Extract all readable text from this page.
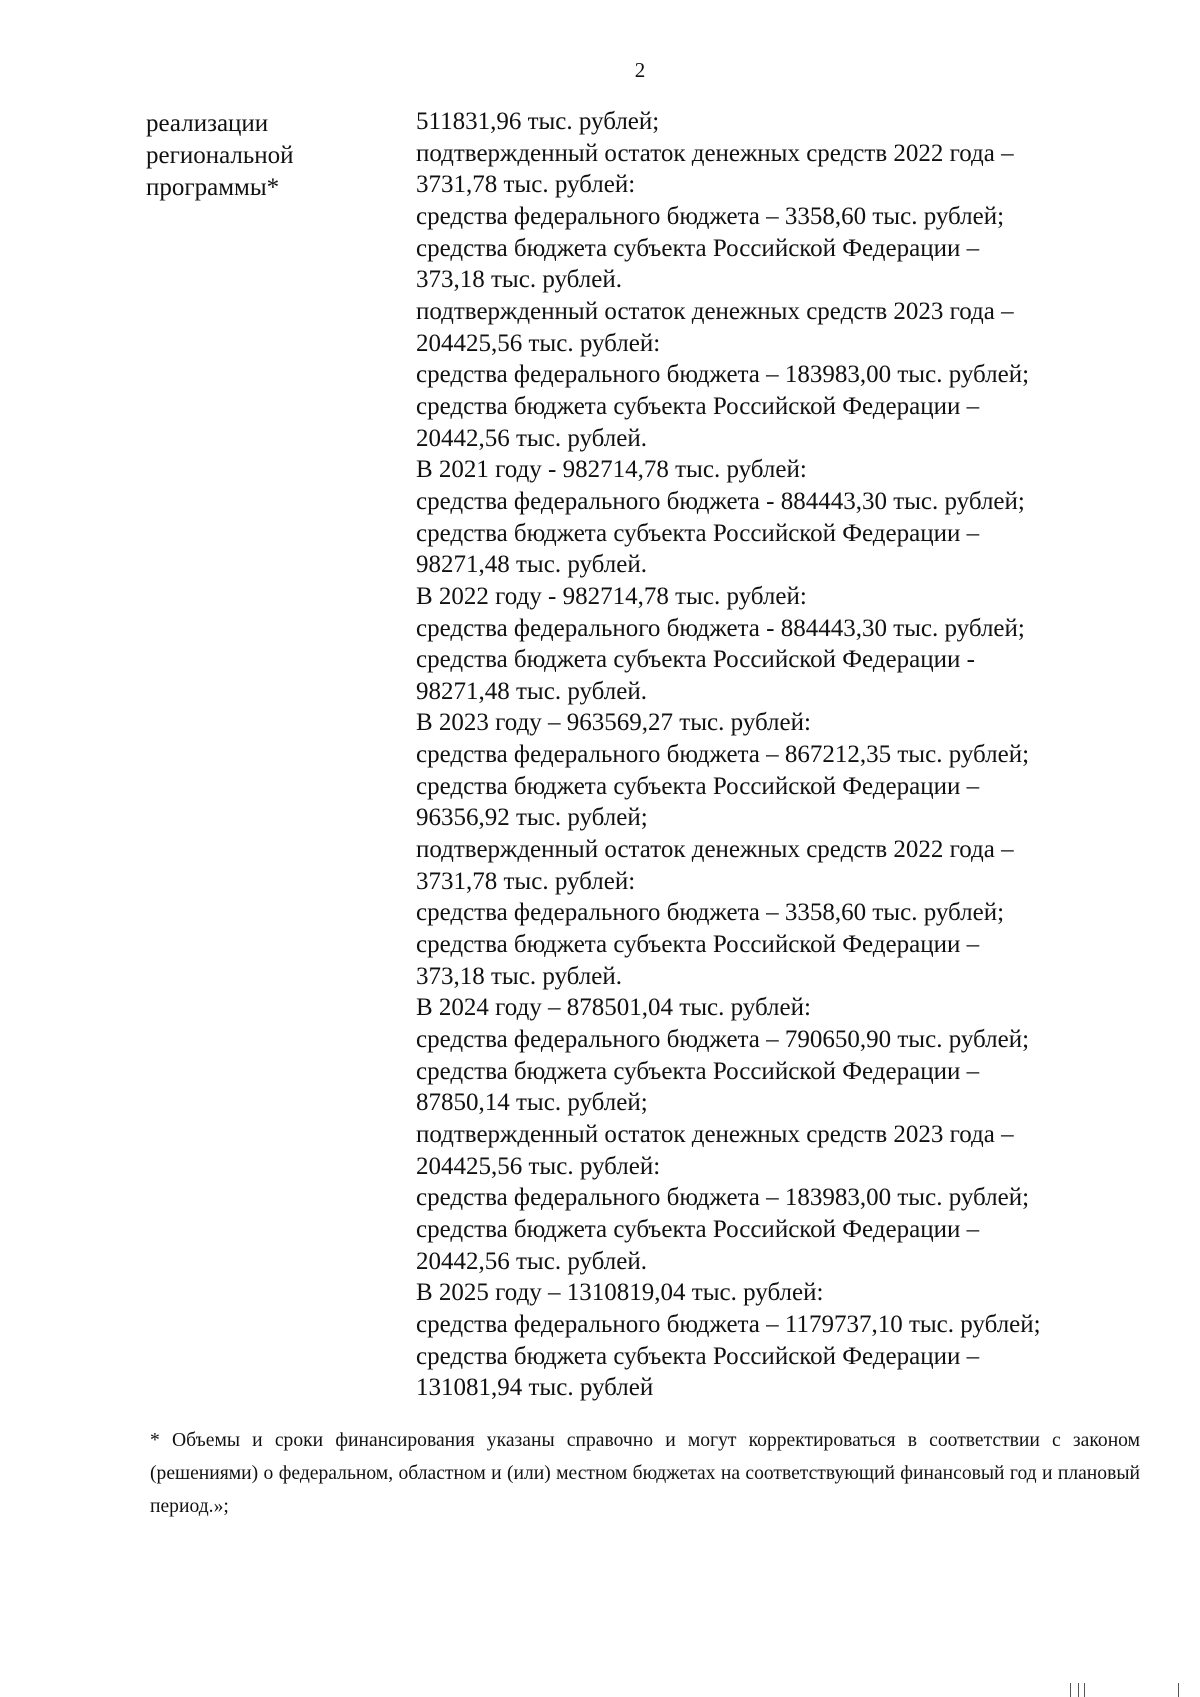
2
реализации
региональной
программы*
511831,96 тыс. рублей;
подтвержденный остаток денежных средств 2022 года –
3731,78 тыс. рублей:
средства федерального бюджета – 3358,60 тыс. рублей;
средства бюджета субъекта Российской Федерации –
373,18 тыс. рублей.
подтвержденный остаток денежных средств 2023 года –
204425,56 тыс. рублей:
средства федерального бюджета – 183983,00 тыс. рублей;
средства бюджета субъекта Российской Федерации –
20442,56 тыс. рублей.
В 2021 году - 982714,78 тыс. рублей:
средства федерального бюджета - 884443,30 тыс. рублей;
средства бюджета субъекта Российской Федерации –
98271,48 тыс. рублей.
В 2022 году - 982714,78 тыс. рублей:
средства федерального бюджета - 884443,30 тыс. рублей;
средства бюджета субъекта Российской Федерации -
98271,48 тыс. рублей.
В 2023 году – 963569,27 тыс. рублей:
средства федерального бюджета – 867212,35 тыс. рублей;
средства бюджета субъекта Российской Федерации –
96356,92 тыс. рублей;
подтвержденный остаток денежных средств 2022 года –
3731,78 тыс. рублей:
средства федерального бюджета – 3358,60 тыс. рублей;
средства бюджета субъекта Российской Федерации –
373,18 тыс. рублей.
В 2024 году – 878501,04 тыс. рублей:
средства федерального бюджета – 790650,90 тыс. рублей;
средства бюджета субъекта Российской Федерации –
87850,14 тыс. рублей;
подтвержденный остаток денежных средств 2023 года –
204425,56 тыс. рублей:
средства федерального бюджета – 183983,00 тыс. рублей;
средства бюджета субъекта Российской Федерации –
20442,56 тыс. рублей.
В 2025 году – 1310819,04 тыс. рублей:
средства федерального бюджета – 1179737,10 тыс. рублей;
средства бюджета субъекта Российской Федерации –
131081,94 тыс. рублей
* Объемы и сроки финансирования указаны справочно и могут корректироваться в соответствии с законом (решениями) о федеральном, областном и (или) местном бюджетах на соответствующий финансовый год и плановый период.»;
